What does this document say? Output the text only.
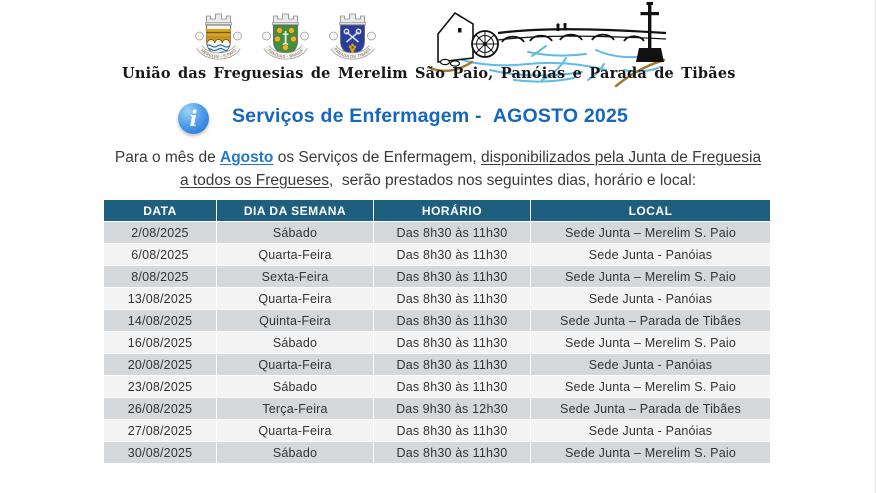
MERELIM - S.PAIO	PANÓIAS - BRAGA	PARADA DE TIBÃES
União das Freguesias de Merelim São Paio, Panóias e Parada de Tibães
i	Serviços de Enfermagem -  AGOSTO 2025
Para o mês de Agosto os Serviços de Enfermagem, disponibilizados pela Junta de Freguesia
a todos os Fregueses,  serão prestados nos seguintes dias, horário e local:
DATA	DIA DA SEMANA	HORÁRIO	LOCAL
2/08/2025	Sábado	Das 8h30 às 11h30	Sede Junta – Merelim S. Paio
6/08/2025	Quarta-Feira	Das 8h30 às 11h30	Sede Junta - Panóias
8/08/2025	Sexta-Feira	Das 8h30 às 11h30	Sede Junta – Merelim S. Paio
13/08/2025	Quarta-Feira	Das 8h30 às 11h30	Sede Junta - Panóias
14/08/2025	Quinta-Feira	Das 8h30 às 11h30	Sede Junta – Parada de Tibães
16/08/2025	Sábado	Das 8h30 às 11h30	Sede Junta – Merelim S. Paio
20/08/2025	Quarta-Feira	Das 8h30 às 11h30	Sede Junta - Panóias
23/08/2025	Sábado	Das 8h30 às 11h30	Sede Junta – Merelim S. Paio
26/08/2025	Terça-Feira	Das 9h30 às 12h30	Sede Junta – Parada de Tibães
27/08/2025	Quarta-Feira	Das 8h30 às 11h30	Sede Junta - Panóias
30/08/2025	Sábado	Das 8h30 às 11h30	Sede Junta – Merelim S. Paio
